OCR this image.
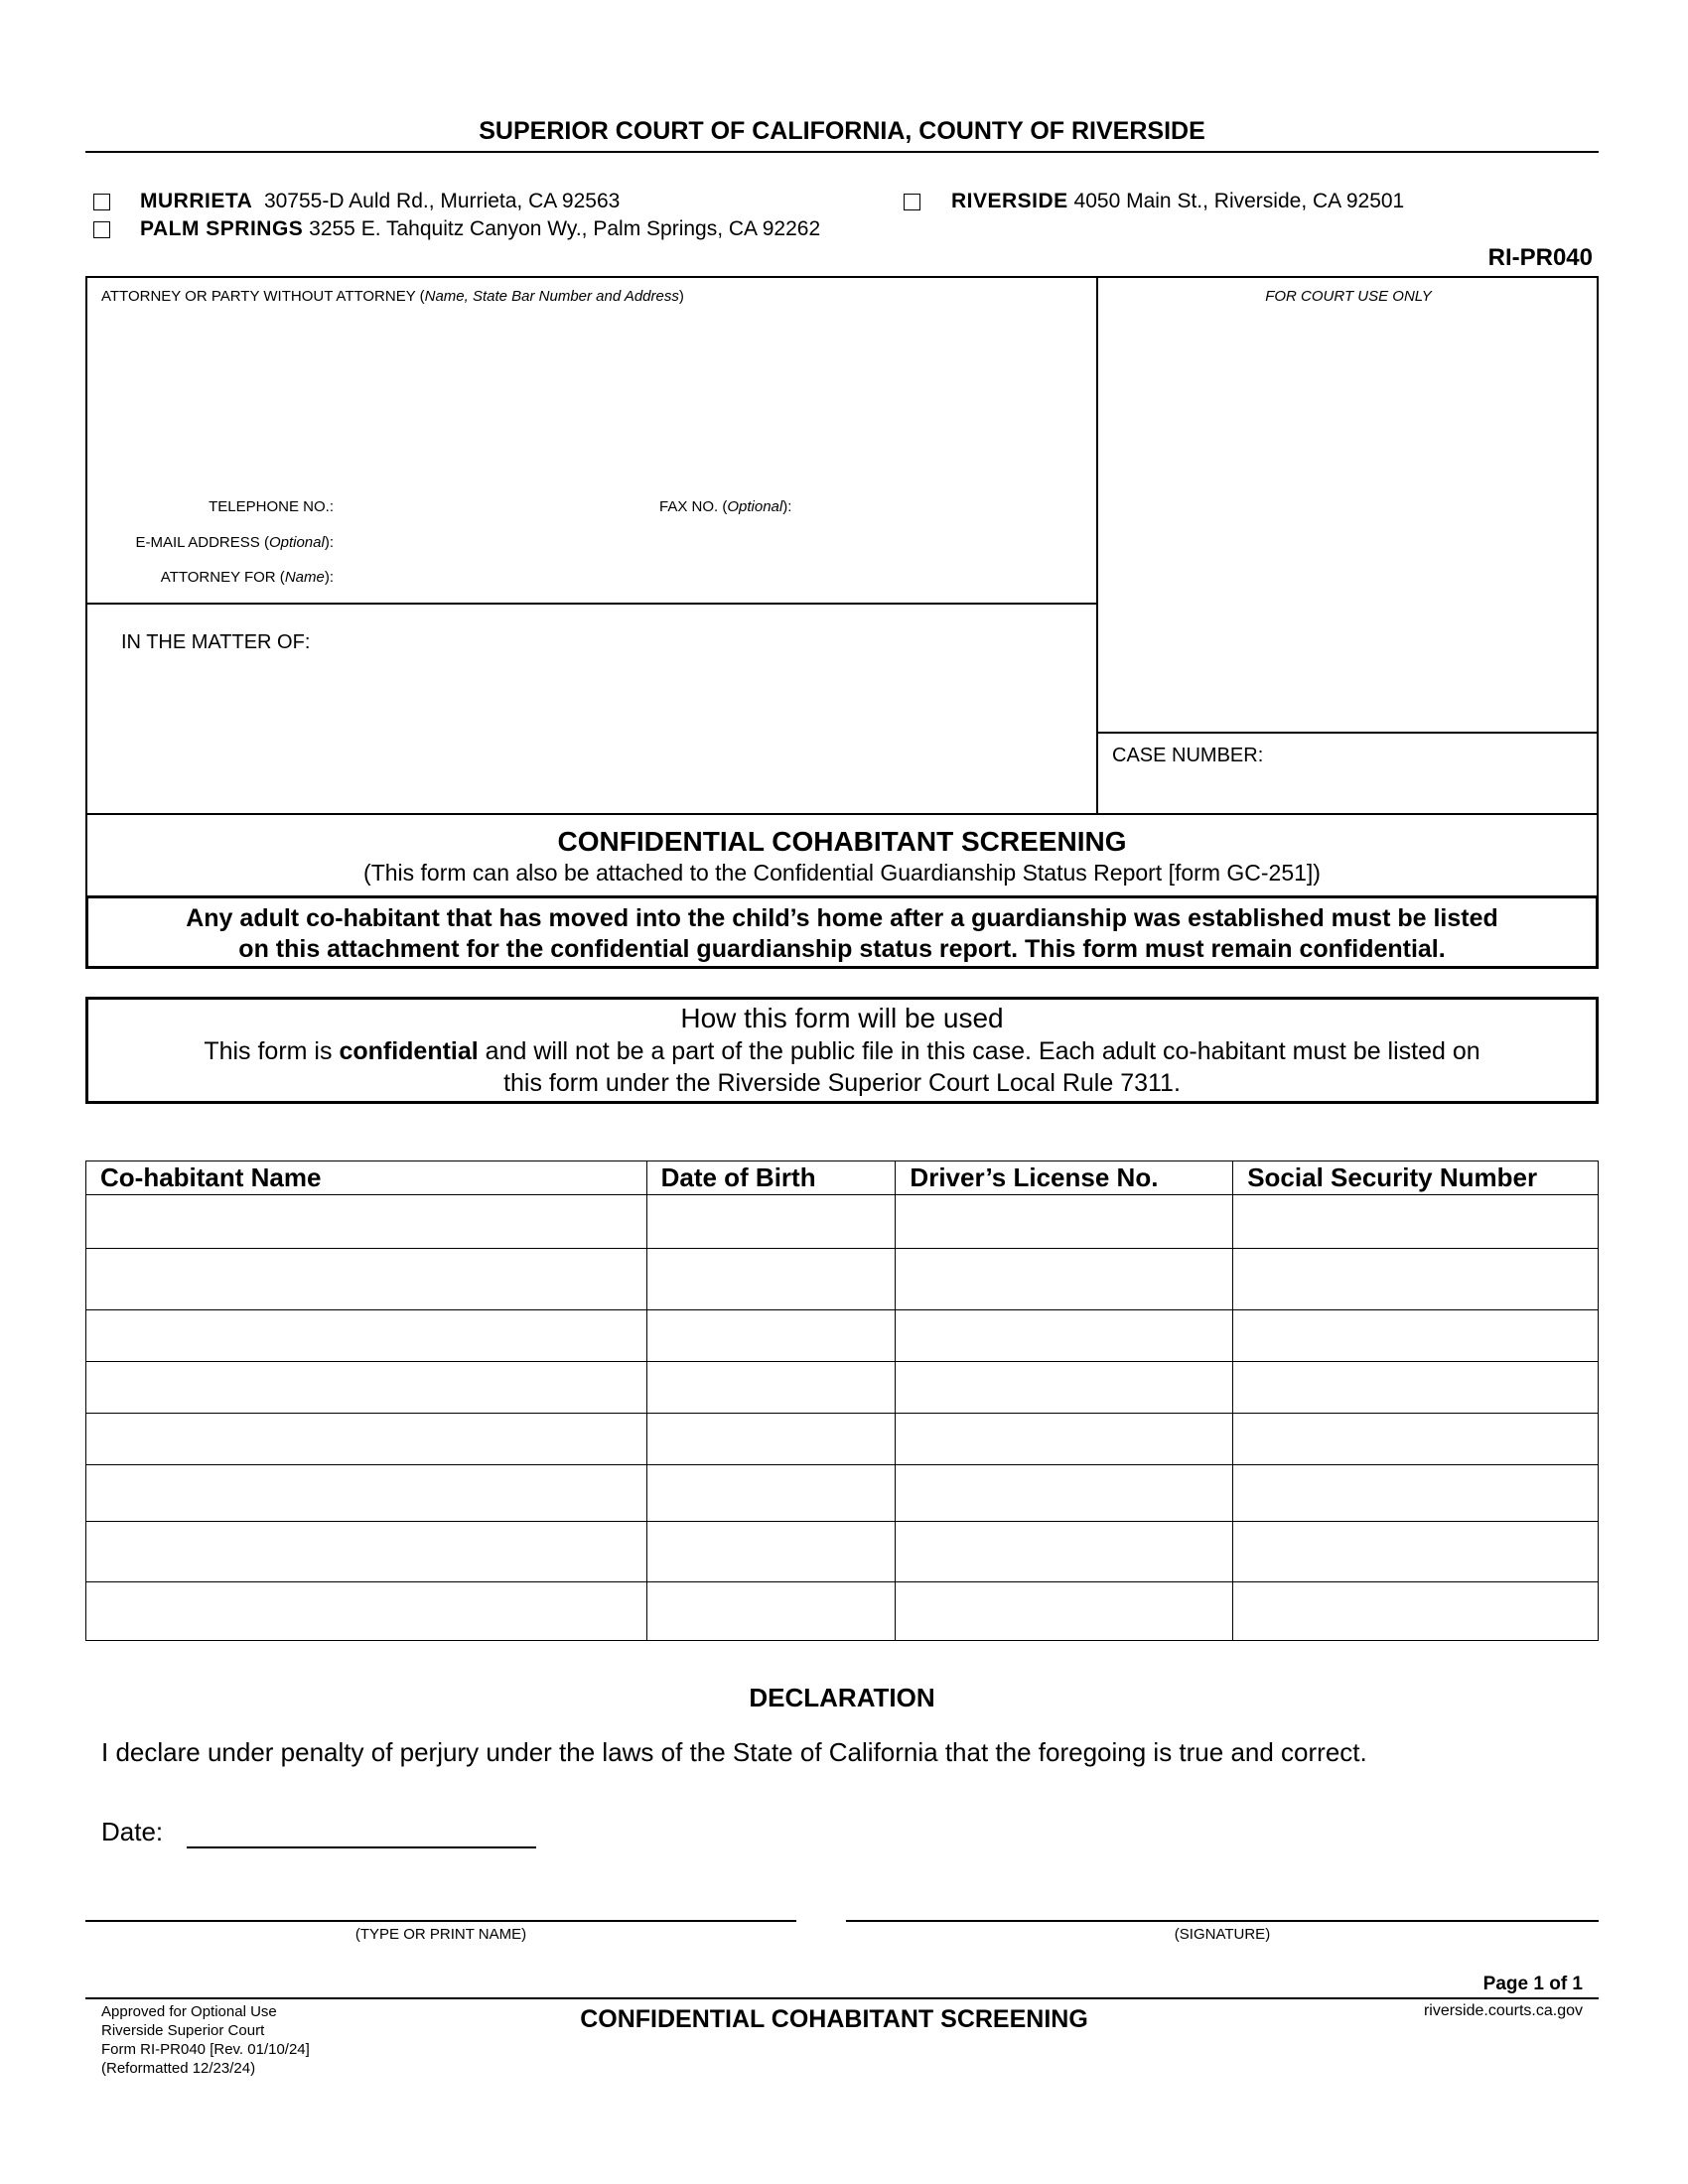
SUPERIOR COURT OF CALIFORNIA, COUNTY OF RIVERSIDE
MURRIETA 30755-D Auld Rd., Murrieta, CA 92563
PALM SPRINGS 3255 E. Tahquitz Canyon Wy., Palm Springs, CA 92262
RIVERSIDE 4050 Main St., Riverside, CA 92501
RI-PR040
ATTORNEY OR PARTY WITHOUT ATTORNEY (Name, State Bar Number and Address)	FOR COURT USE ONLY
TELEPHONE NO.:	FAX NO. (Optional):
E-MAIL ADDRESS (Optional):
ATTORNEY FOR (Name):
IN THE MATTER OF:
CASE NUMBER:
CONFIDENTIAL COHABITANT SCREENING
(This form can also be attached to the Confidential Guardianship Status Report [form GC-251])
Any adult co-habitant that has moved into the child’s home after a guardianship was established must be listed
on this attachment for the confidential guardianship status report. This form must remain confidential.
How this form will be used
This form is confidential and will not be a part of the public file in this case. Each adult co-habitant must be listed on
this form under the Riverside Superior Court Local Rule 7311.
Co-habitant Name	Date of Birth	Driver’s License No.	Social Security Number

DECLARATION
I declare under penalty of perjury under the laws of the State of California that the foregoing is true and correct.
Date:
(TYPE OR PRINT NAME)	(SIGNATURE)
Page 1 of 1
Approved for Optional Use
Riverside Superior Court
Form RI-PR040 [Rev. 01/10/24]
(Reformatted 12/23/24)
CONFIDENTIAL COHABITANT SCREENING	riverside.courts.ca.gov
